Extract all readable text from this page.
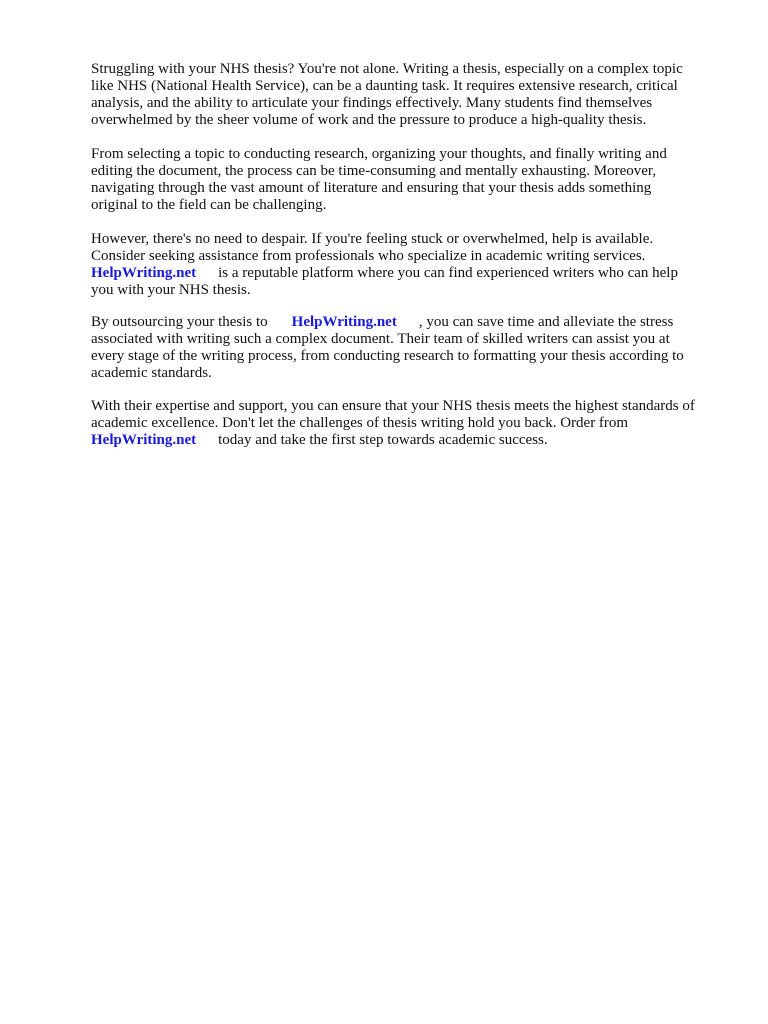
Struggling with your NHS thesis? You're not alone. Writing a thesis, especially on a complex topic
like NHS (National Health Service), can be a daunting task. It requires extensive research, critical
analysis, and the ability to articulate your findings effectively. Many students find themselves
overwhelmed by the sheer volume of work and the pressure to produce a high-quality thesis.
From selecting a topic to conducting research, organizing your thoughts, and finally writing and
editing the document, the process can be time-consuming and mentally exhausting. Moreover,
navigating through the vast amount of literature and ensuring that your thesis adds something
original to the field can be challenging.
However, there's no need to despair. If you're feeling stuck or overwhelmed, help is available.
Consider seeking assistance from professionals who specialize in academic writing services.
HelpWriting.net is a reputable platform where you can find experienced writers who can help
you with your NHS thesis.
By outsourcing your thesis to HelpWriting.net , you can save time and alleviate the stress
associated with writing such a complex document. Their team of skilled writers can assist you at
every stage of the writing process, from conducting research to formatting your thesis according to
academic standards.
With their expertise and support, you can ensure that your NHS thesis meets the highest standards of
academic excellence. Don't let the challenges of thesis writing hold you back. Order from
HelpWriting.net today and take the first step towards academic success.
